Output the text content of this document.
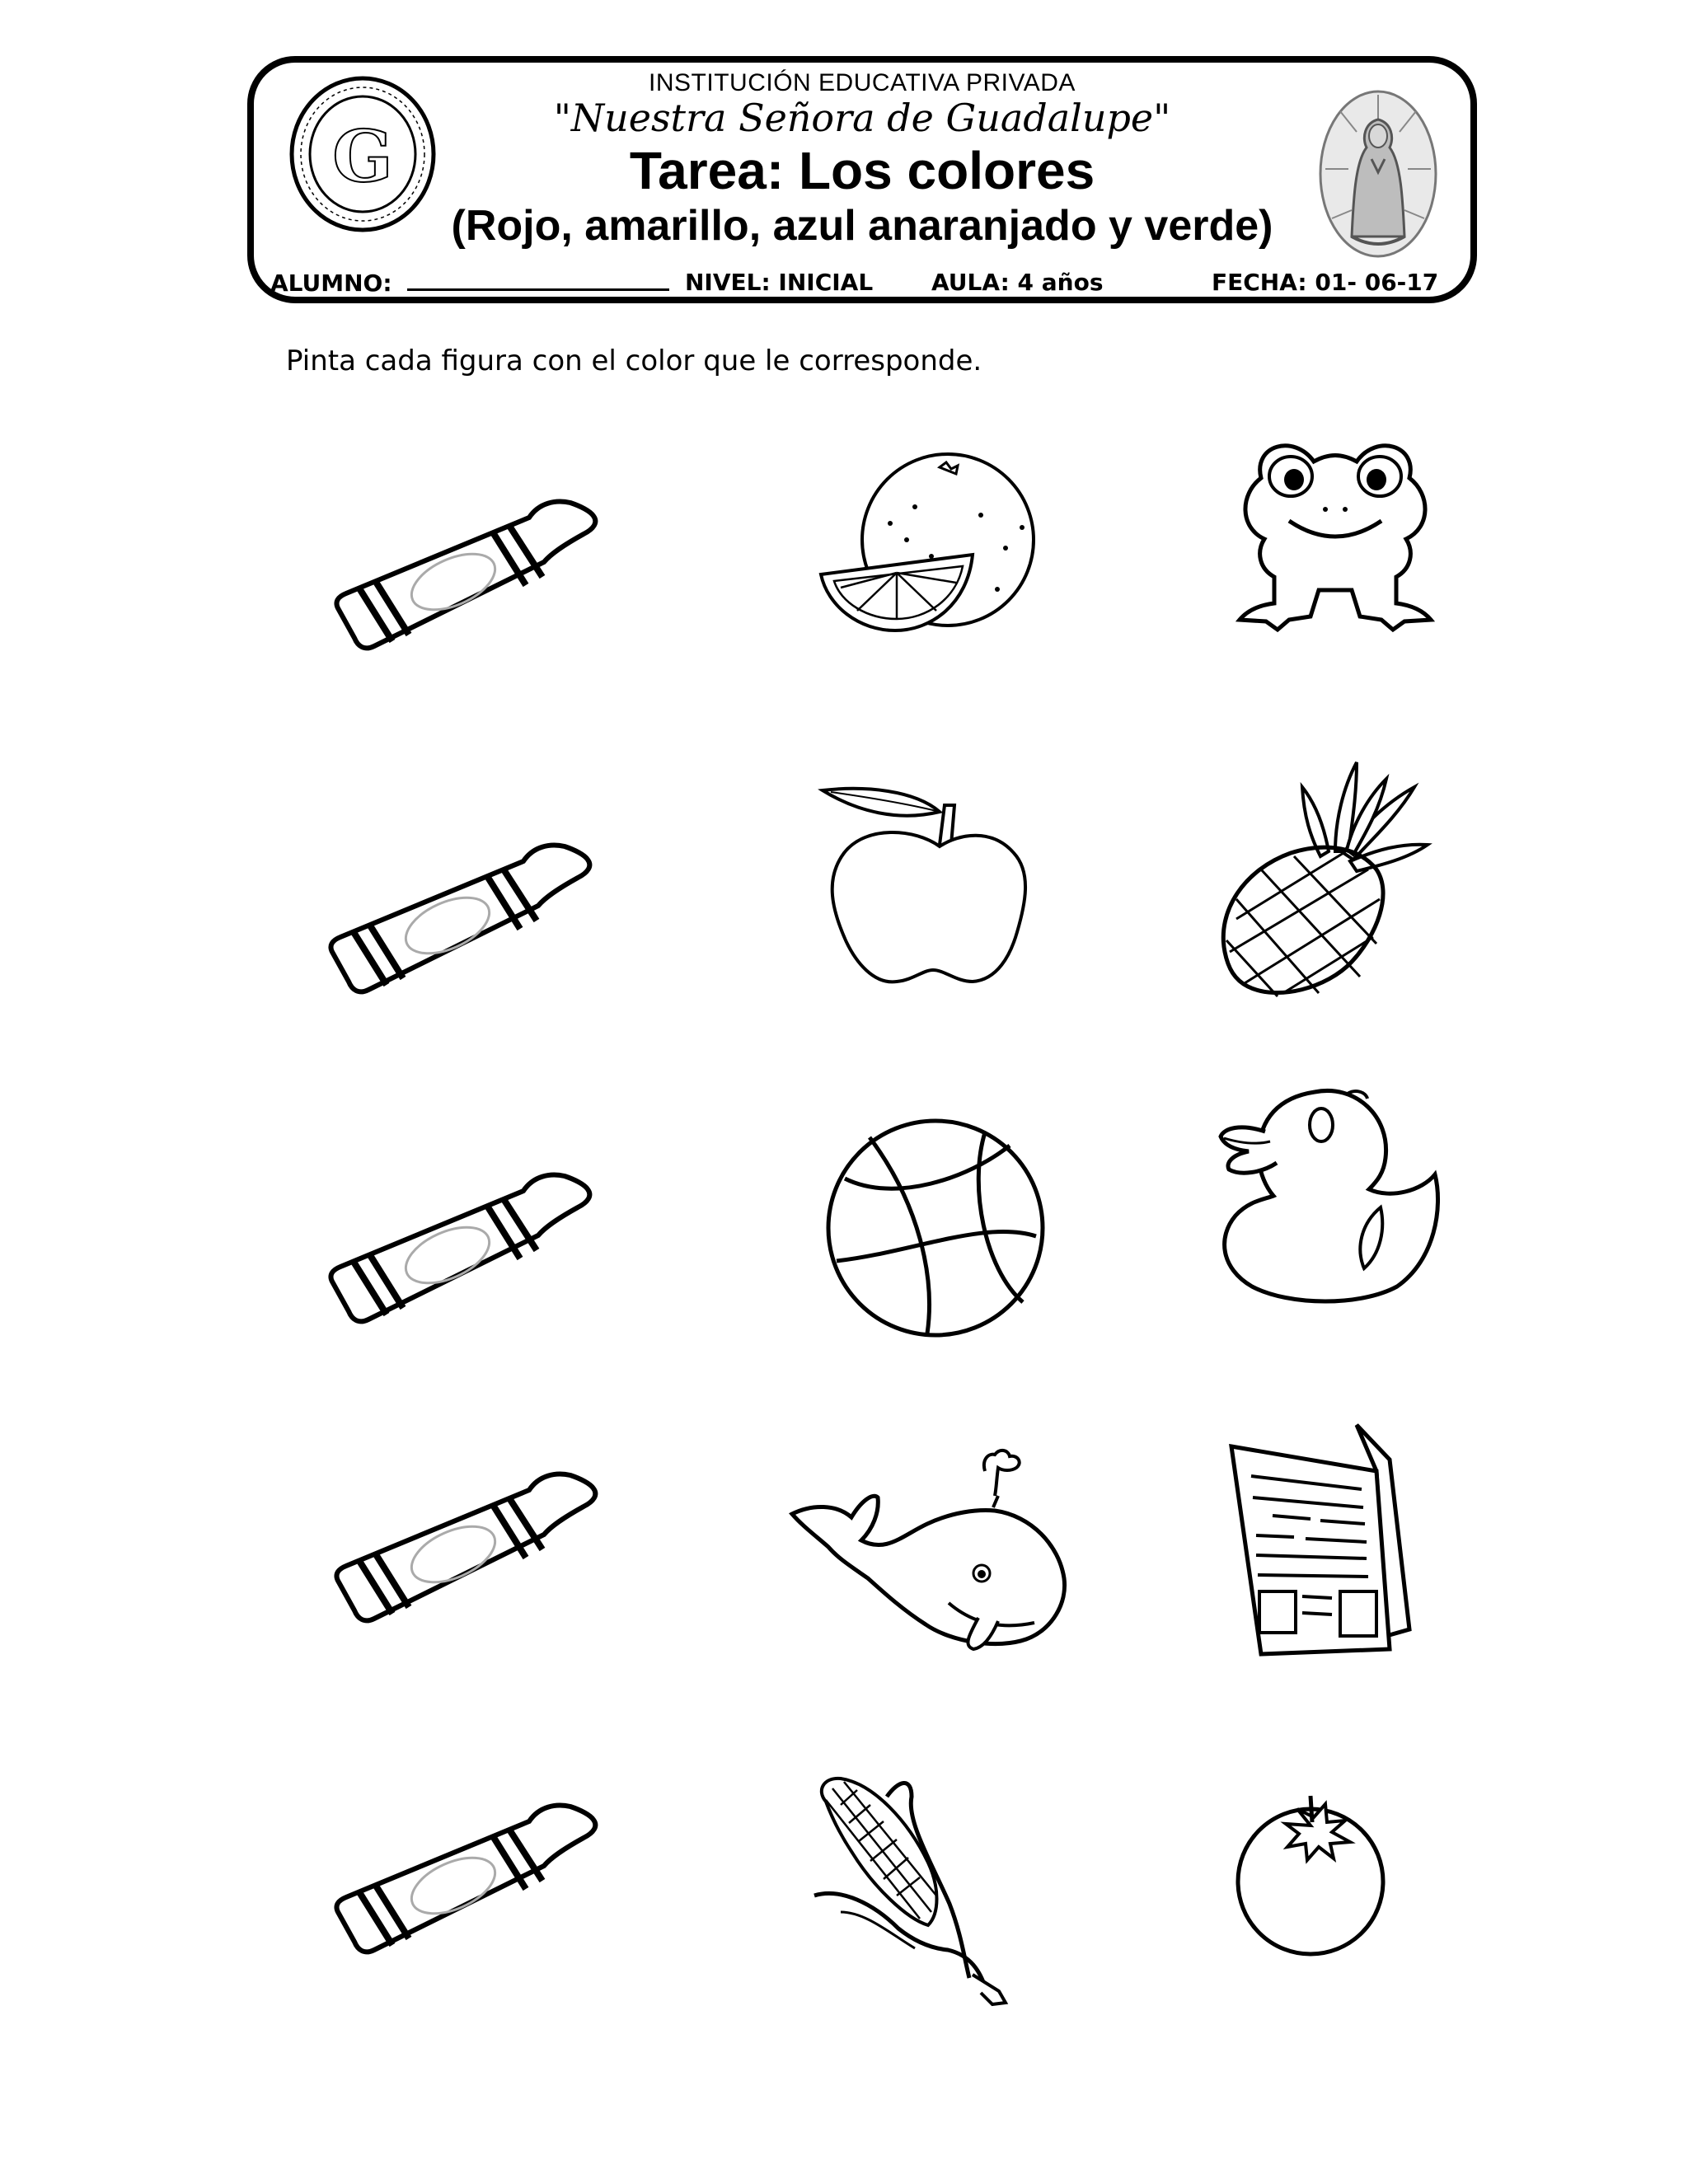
INSTITUCIÓN EDUCATIVA PRIVADA
"Nuestra Señora de Guadalupe"
Tarea: Los colores
(Rojo, amarillo, azul anaranjado y verde)
ALUMNO:	NIVEL: INICIAL	AULA: 4 años	FECHA: 01- 06-17
G
Pinta cada figura con el color que le corresponde.
